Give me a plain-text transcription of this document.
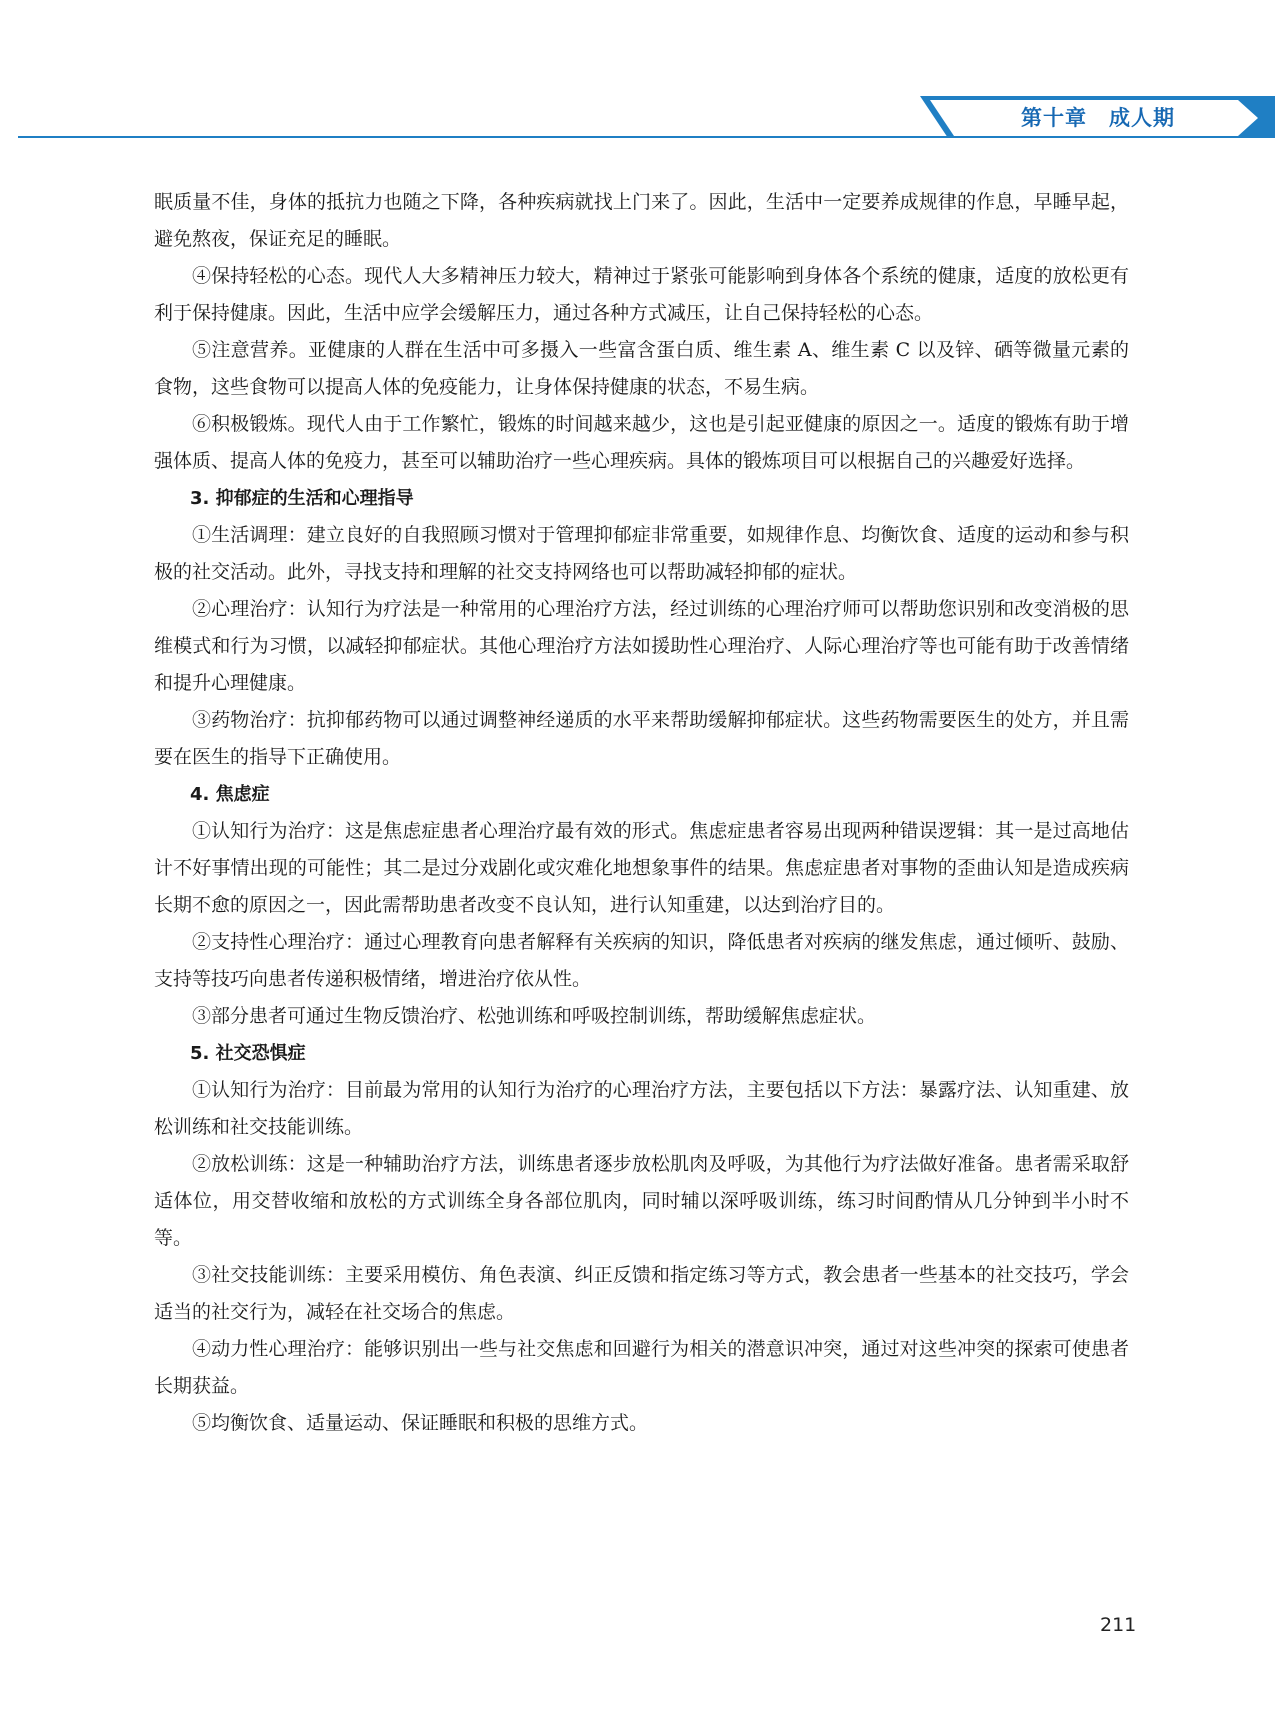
第十章　成人期

眠质量不佳，身体的抵抗力也随之下降，各种疾病就找上门来了。因此，生活中一定要养成规律的作息，早睡早起，避免熬夜，保证充足的睡眠。

④保持轻松的心态。现代人大多精神压力较大，精神过于紧张可能影响到身体各个系统的健康，适度的放松更有利于保持健康。因此，生活中应学会缓解压力，通过各种方式减压，让自己保持轻松的心态。

⑤注意营养。亚健康的人群在生活中可多摄入一些富含蛋白质、维生素 A、维生素 C 以及锌、硒等微量元素的食物，这些食物可以提高人体的免疫能力，让身体保持健康的状态，不易生病。

⑥积极锻炼。现代人由于工作繁忙，锻炼的时间越来越少，这也是引起亚健康的原因之一。适度的锻炼有助于增强体质、提高人体的免疫力，甚至可以辅助治疗一些心理疾病。具体的锻炼项目可以根据自己的兴趣爱好选择。

3. 抑郁症的生活和心理指导

①生活调理：建立良好的自我照顾习惯对于管理抑郁症非常重要，如规律作息、均衡饮食、适度的运动和参与积极的社交活动。此外，寻找支持和理解的社交支持网络也可以帮助减轻抑郁的症状。

②心理治疗：认知行为疗法是一种常用的心理治疗方法，经过训练的心理治疗师可以帮助您识别和改变消极的思维模式和行为习惯，以减轻抑郁症状。其他心理治疗方法如援助性心理治疗、人际心理治疗等也可能有助于改善情绪和提升心理健康。

③药物治疗：抗抑郁药物可以通过调整神经递质的水平来帮助缓解抑郁症状。这些药物需要医生的处方，并且需要在医生的指导下正确使用。

4. 焦虑症

①认知行为治疗：这是焦虑症患者心理治疗最有效的形式。焦虑症患者容易出现两种错误逻辑：其一是过高地估计不好事情出现的可能性；其二是过分戏剧化或灾难化地想象事件的结果。焦虑症患者对事物的歪曲认知是造成疾病长期不愈的原因之一，因此需帮助患者改变不良认知，进行认知重建，以达到治疗目的。

②支持性心理治疗：通过心理教育向患者解释有关疾病的知识，降低患者对疾病的继发焦虑，通过倾听、鼓励、支持等技巧向患者传递积极情绪，增进治疗依从性。

③部分患者可通过生物反馈治疗、松弛训练和呼吸控制训练，帮助缓解焦虑症状。

5. 社交恐惧症

①认知行为治疗：目前最为常用的认知行为治疗的心理治疗方法，主要包括以下方法：暴露疗法、认知重建、放松训练和社交技能训练。

②放松训练：这是一种辅助治疗方法，训练患者逐步放松肌肉及呼吸，为其他行为疗法做好准备。患者需采取舒适体位，用交替收缩和放松的方式训练全身各部位肌肉，同时辅以深呼吸训练，练习时间酌情从几分钟到半小时不等。

③社交技能训练：主要采用模仿、角色表演、纠正反馈和指定练习等方式，教会患者一些基本的社交技巧，学会适当的社交行为，减轻在社交场合的焦虑。

④动力性心理治疗：能够识别出一些与社交焦虑和回避行为相关的潜意识冲突，通过对这些冲突的探索可使患者长期获益。

⑤均衡饮食、适量运动、保证睡眠和积极的思维方式。

211
